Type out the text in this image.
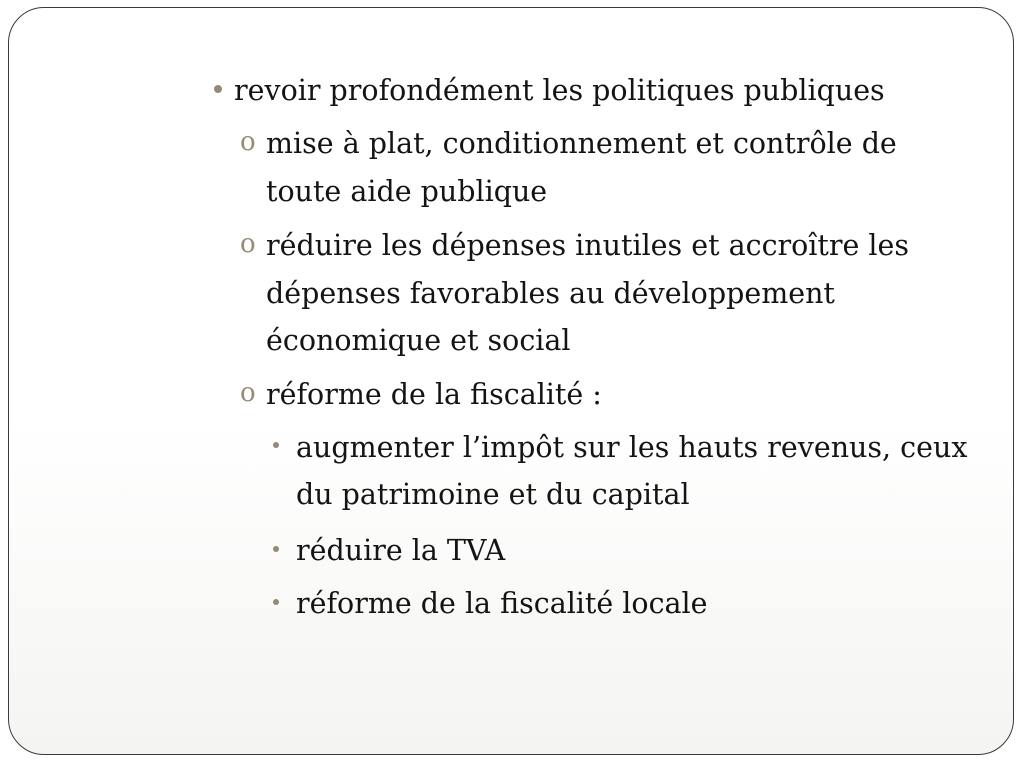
revoir profondément les politiques publiques
o mise à plat, conditionnement et contrôle de
toute aide publique
o réduire les dépenses inutiles et accroître les
dépenses favorables au développement
économique et social
o réforme de la fiscalité :
augmenter l’impôt sur les hauts revenus, ceux
du patrimoine et du capital
réduire la TVA
réforme de la fiscalité locale
